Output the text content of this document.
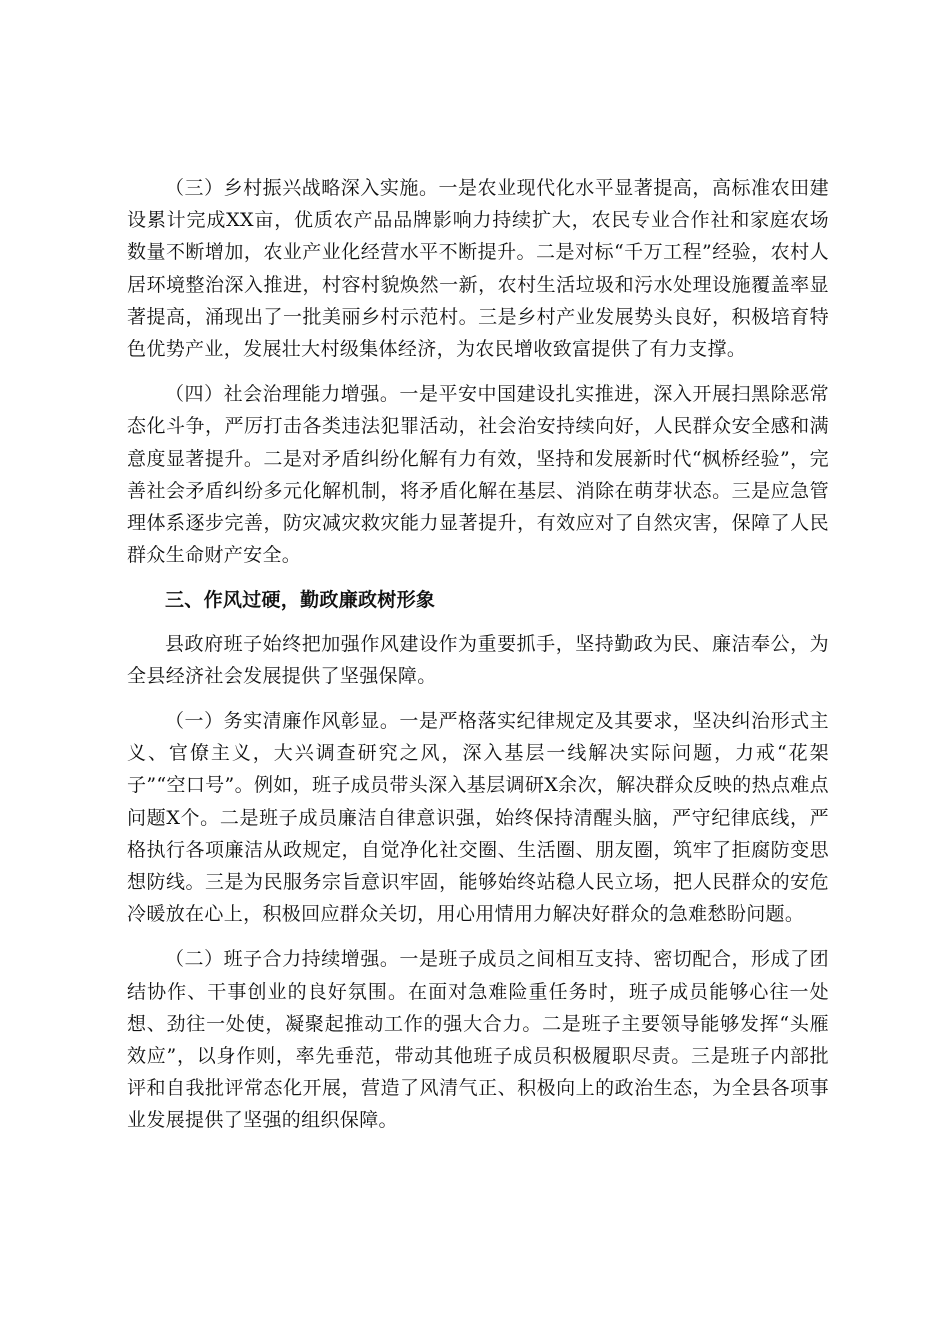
（三）乡村振兴战略深入实施。一是农业现代化水平显著提高，高标准农田建设累计完成XX亩，优质农产品品牌影响力持续扩大，农民专业合作社和家庭农场数量不断增加，农业产业化经营水平不断提升。二是对标“千万工程”经验，农村人居环境整治深入推进，村容村貌焕然一新，农村生活垃圾和污水处理设施覆盖率显著提高，涌现出了一批美丽乡村示范村。三是乡村产业发展势头良好，积极培育特色优势产业，发展壮大村级集体经济，为农民增收致富提供了有力支撑。

（四）社会治理能力增强。一是平安中国建设扎实推进，深入开展扫黑除恶常态化斗争，严厉打击各类违法犯罪活动，社会治安持续向好，人民群众安全感和满意度显著提升。二是对矛盾纠纷化解有力有效，坚持和发展新时代“枫桥经验”，完善社会矛盾纠纷多元化解机制，将矛盾化解在基层、消除在萌芽状态。三是应急管理体系逐步完善，防灾减灾救灾能力显著提升，有效应对了自然灾害，保障了人民群众生命财产安全。

三、作风过硬，勤政廉政树形象

县政府班子始终把加强作风建设作为重要抓手，坚持勤政为民、廉洁奉公，为全县经济社会发展提供了坚强保障。

（一）务实清廉作风彰显。一是严格落实纪律规定及其要求，坚决纠治形式主义、官僚主义，大兴调查研究之风，深入基层一线解决实际问题，力戒“花架子”“空口号”。例如，班子成员带头深入基层调研X余次，解决群众反映的热点难点问题X个。二是班子成员廉洁自律意识强，始终保持清醒头脑，严守纪律底线，严格执行各项廉洁从政规定，自觉净化社交圈、生活圈、朋友圈，筑牢了拒腐防变思想防线。三是为民服务宗旨意识牢固，能够始终站稳人民立场，把人民群众的安危冷暖放在心上，积极回应群众关切，用心用情用力解决好群众的急难愁盼问题。

（二）班子合力持续增强。一是班子成员之间相互支持、密切配合，形成了团结协作、干事创业的良好氛围。在面对急难险重任务时，班子成员能够心往一处想、劲往一处使，凝聚起推动工作的强大合力。二是班子主要领导能够发挥“头雁效应”，以身作则，率先垂范，带动其他班子成员积极履职尽责。三是班子内部批评和自我批评常态化开展，营造了风清气正、积极向上的政治生态，为全县各项事业发展提供了坚强的组织保障。
